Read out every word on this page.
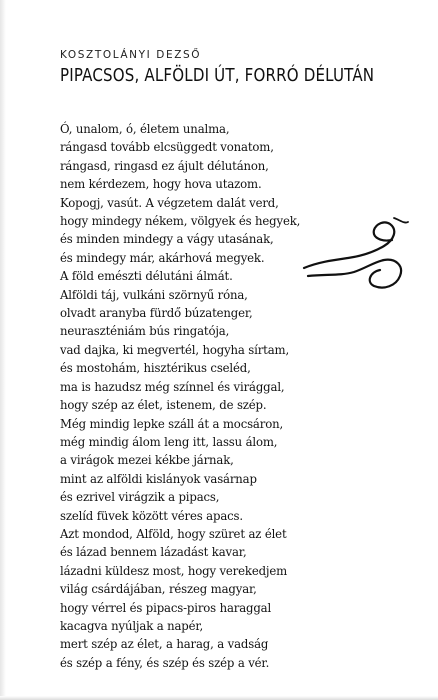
KOSZTOLÁNYI DEZSŐ
PIPACSOS, ALFÖLDI ÚT, FORRÓ DÉLUTÁN
Ó, unalom, ó, életem unalma,
rángasd tovább elcsüggedt vonatom,
rángasd, ringasd ez ájult délutánon,
nem kérdezem, hogy hova utazom.
Kopogj, vasút. A végzetem dalát verd,
hogy mindegy nékem, völgyek és hegyek,
és minden mindegy a vágy utasának,
és mindegy már, akárhová megyek.
A föld emészti délutáni álmát.
Alföldi táj, vulkáni szörnyű róna,
olvadt aranyba fürdő búzatenger,
neuraszténiám bús ringatója,
vad dajka, ki megvertél, hogyha sírtam,
és mostohám, hisztérikus cseléd,
ma is hazudsz még színnel és virággal,
hogy szép az élet, istenem, de szép.
Még mindig lepke száll át a mocsáron,
még mindig álom leng itt, lassu álom,
a virágok mezei kékbe járnak,
mint az alföldi kislányok vasárnap
és ezrivel virágzik a pipacs,
szelíd füvek között véres apacs.
Azt mondod, Alföld, hogy szüret az élet
és lázad bennem lázadást kavar,
lázadni küldesz most, hogy verekedjem
világ csárdájában, részeg magyar,
hogy vérrel és pipacs-piros haraggal
kacagva nyúljak a napér,
mert szép az élet, a harag, a vadság
és szép a fény, és szép és szép a vér.
